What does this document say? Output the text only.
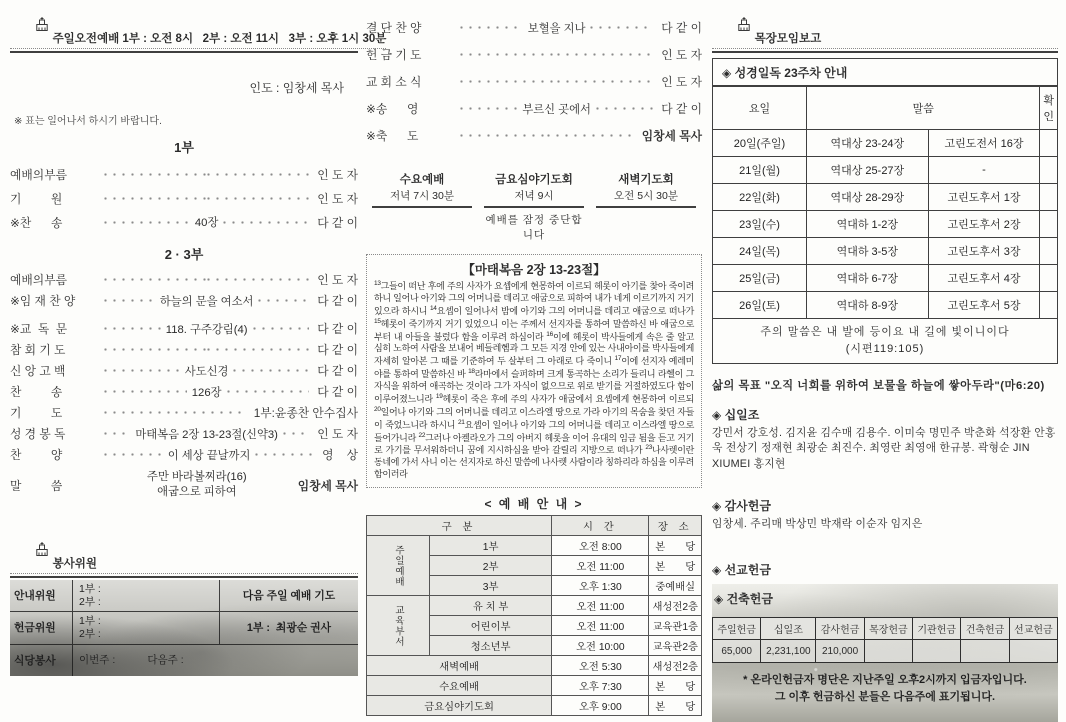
주일오전예배 1부 : 오전 8시   2부 : 오전 11시   3부 : 오후 1시 30분
인도 : 임창세 목사
※ 표는 일어나서 하시기 바랍니다.
1부
예배의부름	인 도 자
기         원	인 도 자
※찬      송	40장	다 같 이
2 · 3부
예배의부름	인 도 자
※임 재 찬 양	하늘의 문을 여소서	다 같 이
※교  독  문	118. 구주강림(4)	다 같 이
참 회 기 도	다 같 이
신 앙 고 백	사도신경	다 같 이
찬         송	126장	다 같 이
기         도	1부:윤종찬 안수집사
성 경 봉 독	마태복음 2장 13-23절(신약3)	인 도 자
찬         양	이 세상 끝날까지	영    상
말         씀
주만 바라볼찌라(16)
애굽으로 피하여	임창세 목사

봉사위원
안내위원
1부 :
2부 :	다음 주일 예배 기도
헌금위원
1부 :
2부 :	1부 :  최광순 권사
식당봉사	이번주 :           다음주 :
결 단 찬 양	보혈을 지나	다 같 이
헌 금 기 도	인 도 자
교 회 소 식	인 도 자
※송      영	부르신 곳에서	다 같 이
※축      도	임창세 목사
수요예배
저녁 7시 30분
금요심야기도회
저녁 9시
예배를 잠정 중단합니다
새벽기도회
오전 5시 30분
【마태복음 2장 13-23절】
$^{13}$그들이 떠난 후에 주의 사자가 요셉에게 현몽하여 이르되 헤롯이 아기를 찾아 죽이려 하니 일어나 아기와 그의 어머니를 데리고 애굽으로 피하여 내가 네게 이르기까지 거기 있으라 하시니 $^{14}$요셉이 일어나서 밤에 아기와 그의 어머니를 데리고 애굽으로 떠나가 $^{15}$헤롯이 죽기까지 거기 있었으니 이는 주께서 선지자를 통하여 말씀하신 바 애굽으로부터 내 아들을 불렀다 함을 이루려 하심이라 $^{16}$이에 헤롯이 박사들에게 속은 줄 알고 심히 노하여 사람을 보내어 베들레헴과 그 모든 지경 안에 있는 사내아이를 박사들에게 자세히 알아본 그 때를 기준하여 두 살부터 그 아래로 다 죽이니 $^{17}$이에 선지자 예레미야를 통하여 말씀하신 바 $^{18}$라마에서 슬퍼하며 크게 통곡하는 소리가 들리니 라헬이 그 자식을 위하여 애곡하는 것이라 그가 자식이 없으므로 위로 받기를 거절하였도다 함이 이루어졌느니라 $^{19}$헤롯이 죽은 후에 주의 사자가 애굽에서 요셉에게 현몽하여 이르되 $^{20}$일어나 아기와 그의 어머니를 데리고 이스라엘 땅으로 가라 아기의 목숨을 찾던 자들이 죽었느니라 하시니 $^{21}$요셉이 일어나 아기와 그의 어머니를 데리고 이스라엘 땅으로 들어가니라 $^{22}$그러나 아켈라오가 그의 아버지 헤롯을 이어 유대의 임금 됨을 듣고 거기로 가기를 무서워하더니 꿈에 지시하심을 받아 갈릴리 지방으로 떠나가 $^{23}$나사렛이란 동네에 가서 사니 이는 선지자로 하신 말씀에 나사렛 사람이라 칭하리라 하심을 이루려 함이러라
< 예 배 안 내 >
구 분		시 간	장 소
주일예배	1부	오전 8:00	본       당
	2부	오전 11:00	본       당
	3부	오후 1:30	중예배실
교육부서	유 치 부	오전 11:00	새성전2층
	어린이부	오전 11:00	교육관1층
	청소년부	오전 10:00	교육관2층
새벽예배		오전 5:30	새성전2층
수요예배		오후 7:30	본       당
금요심야기도회		오후 9:00	본       당

목장모임보고
◈ 성경일독 23주차 안내
요일	말씀		확인
20일(주일)	역대상 23-24장	고린도전서 16장	
21일(월)	역대상 25-27장	-	
22일(화)	역대상 28-29장	고린도후서 1장	
23일(수)	역대하 1-2장	고린도후서 2장	
24일(목)	역대하 3-5장	고린도후서 3장	
25일(금)	역대하 6-7장	고린도후서 4장	
26일(토)	역대하 8-9장	고린도후서 5장	
주의 말씀은 내 발에 등이요 내 길에 빛이니이다
(시편119:105)
삶의 목표 "오직 너희를 위하여 보물을 하늘에 쌓아두라"(마6:20)
◈ 십일조
강민서 강호성. 김지윤 김수매 김용수. 이미숙 명민주 박춘화 석장환 안홍욱 전상기 정재현 최광순 최진수. 최영란 최영애 한규봉. 곽형순 JIN XIUMEI 홍지현
◈ 감사헌금
임창세. 주리매 박상민 박재락 이순자 임지은
◈ 선교헌금
◈ 건축헌금
주일헌금	십일조	감사헌금	목장헌금	기관헌금	건축헌금	선교헌금
65,000	2,231,100	210,000				
* 온라인헌금자 명단은 지난주일 오후2시까지 입금자입니다.
그 이후 헌금하신 분들은 다음주에 표기됩니다.
